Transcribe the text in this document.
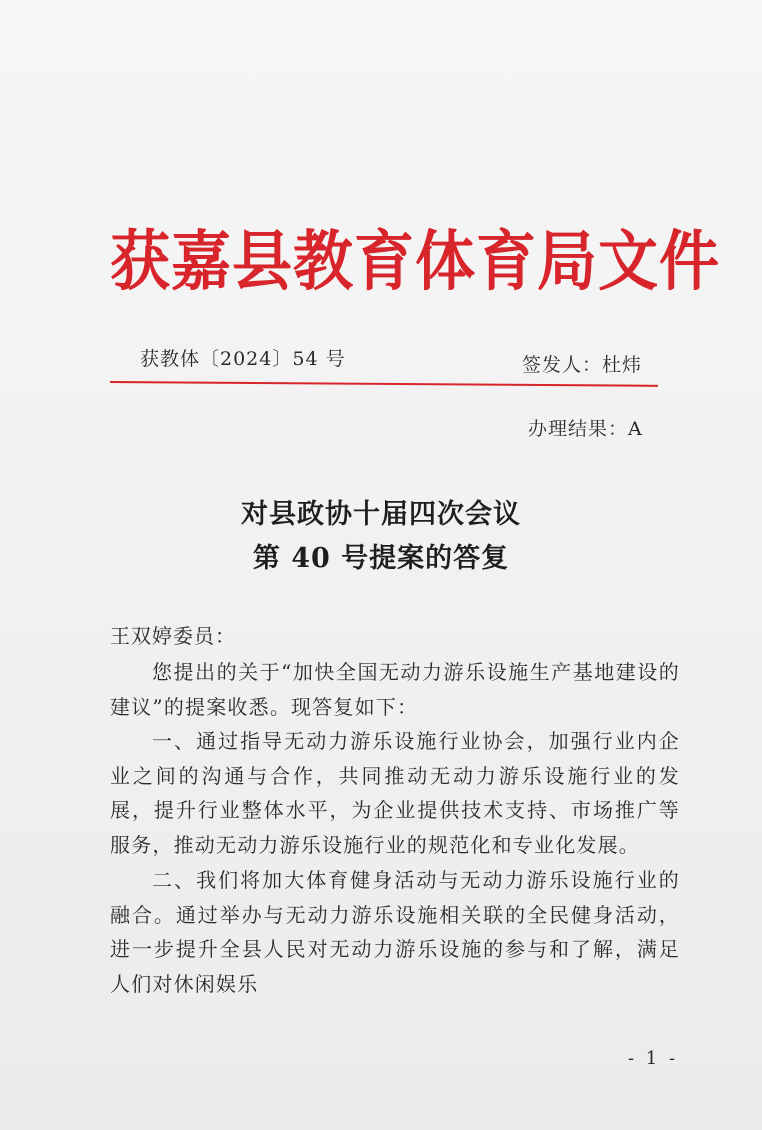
获嘉县教育体育局文件
获教体〔2024〕54 号	签发人：杜炜
办理结果：A
对县政协十届四次会议
第 40 号提案的答复
王双婷委员：
您提出的关于“加快全国无动力游乐设施生产基地建设的建议”的提案收悉。现答复如下：
一、通过指导无动力游乐设施行业协会，加强行业内企业之间的沟通与合作，共同推动无动力游乐设施行业的发展，提升行业整体水平，为企业提供技术支持、市场推广等服务，推动无动力游乐设施行业的规范化和专业化发展。
二、我们将加大体育健身活动与无动力游乐设施行业的融合。通过举办与无动力游乐设施相关联的全民健身活动，进一步提升全县人民对无动力游乐设施的参与和了解，满足人们对休闲娱乐
- 1 -
